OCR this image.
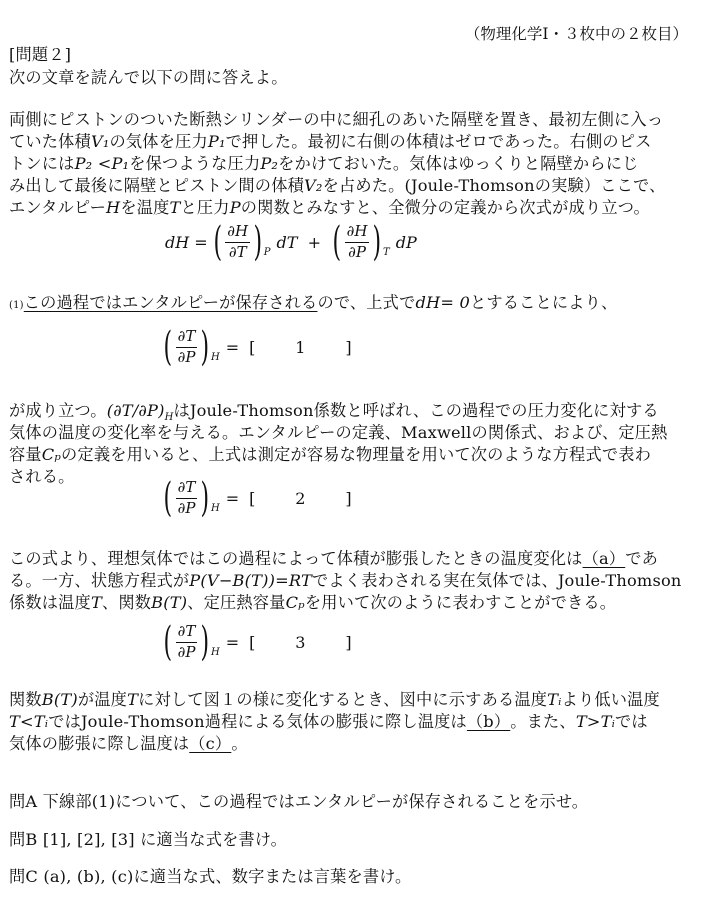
（物理化学Ⅰ・３枚中の２枚目）
[問題２]
次の文章を読んで以下の問に答えよ。
両側にピストンのついた断熱シリンダーの中に細孔のあいた隔壁を置き、最初左側に入っ
ていた体積V₁の気体を圧力P₁で押した。最初に右側の体積はゼロであった。右側のピス
トンにはP₂ <P₁を保つような圧力P₂をかけておいた。気体はゆっくりと隔壁からにじ
み出して最後に隔壁とピストン間の体積V₂を占めた。(Joule-Thomsonの実験）ここで、
エンタルピーHを温度Tと圧力Pの関数とみなすと、全微分の定義から次式が成り立つ。
dH = ( $\frac{\partial H}{\partial T}$ ) P
dT  + ( $\frac{\partial H}{\partial P}$ ) T
dP
(1)この過程ではエンタルピーが保存されるので、上式でdH= 0とすることにより、
( $\frac{\partial T}{\partial P}$ ) H
= [	1	]
が成り立つ。$(\partial T/\partial P)_H$はJoule-Thomson係数と呼ばれ、この過程での圧力変化に対する
気体の温度の変化率を与える。エンタルピーの定義、Maxwellの関係式、および、定圧熱
容量Cₚの定義を用いると、上式は測定が容易な物理量を用いて次のような方程式で表わ
される。 ( $\frac{\partial T}{\partial P}$ ) H
= [	2	]
この式より、理想気体ではこの過程によって体積が膨張したときの温度変化は（a）であ
る。一方、状態方程式がP(V−B(T))=RTでよく表わされる実在気体では、Joule-Thomson
係数は温度T、関数B(T)、定圧熱容量Cₚを用いて次のように表わすことができる。
( $\frac{\partial T}{\partial P}$ ) H
= [	3	]
関数B(T)が温度Tに対して図１の様に変化するとき、図中に示すある温度Tᵢより低い温度
T<TᵢではJoule-Thomson過程による気体の膨張に際し温度は（b）。また、T>Tᵢでは
気体の膨張に際し温度は（c）。
問A 下線部(1)について、この過程ではエンタルピーが保存されることを示せ。
問B [1], [2], [3] に適当な式を書け。
問C (a), (b), (c)に適当な式、数字または言葉を書け。
